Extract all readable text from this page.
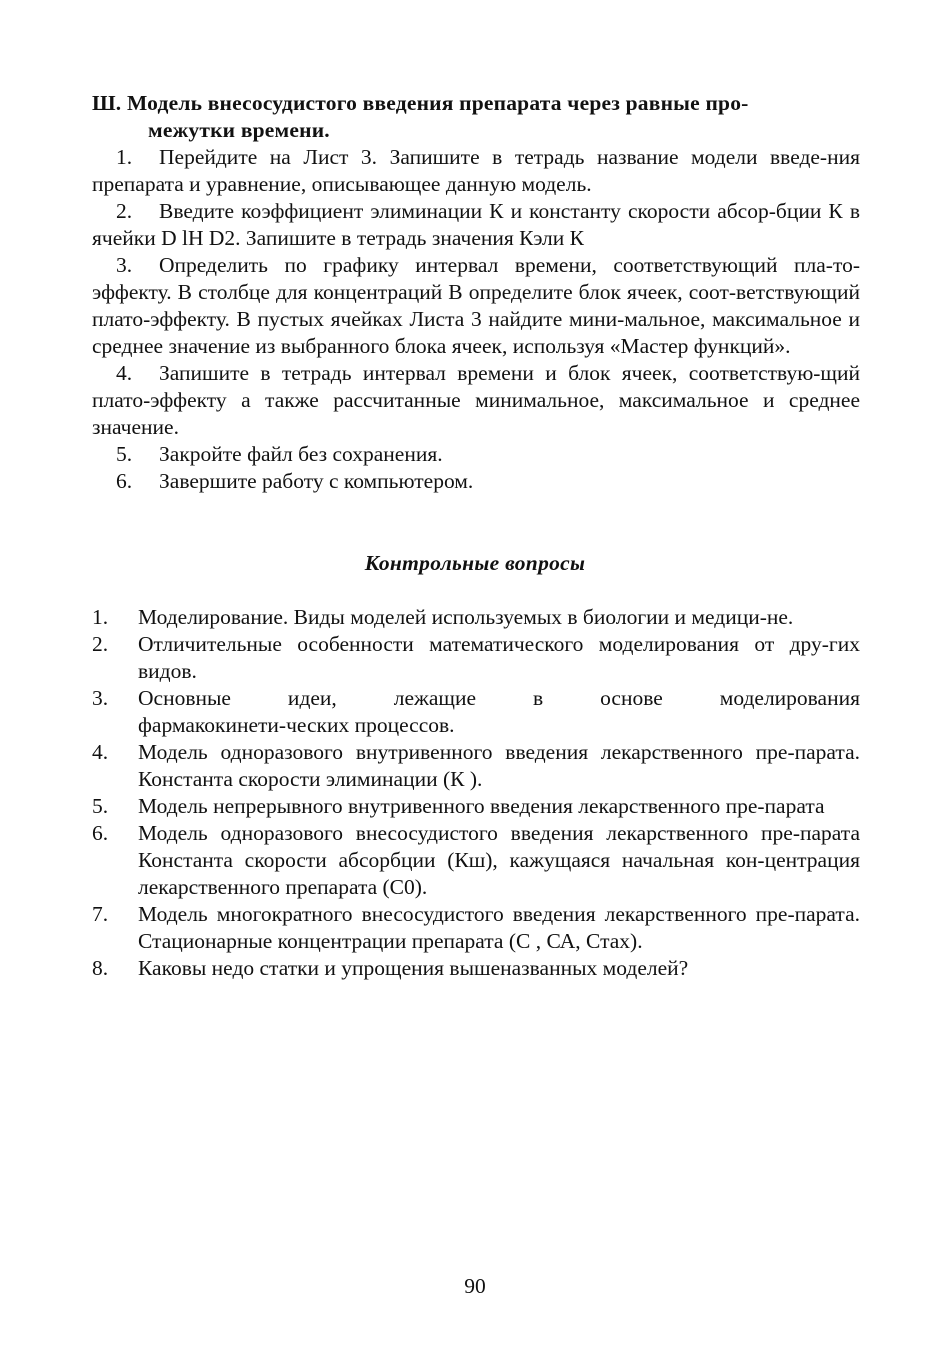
Ш. Модель внесосудистого введения препарата через равные про-
межутки времени.

1. Перейдите на Лист 3. Запишите в тетрадь название модели введе-ния препарата и уравнение, описывающее данную модель.

2. Введите коэффициент элиминации К и константу скорости абсор-бции К в ячейки D lH D2. Запишите в тетрадь значения Кэли К

3. Определить по графику интервал времени, соответствующий пла-то-эффекту. В столбце для концентраций В определите блок ячеек, соот-ветствующий плато-эффекту. В пустых ячейках Листа 3 найдите мини-мальное, максимальное и среднее значение из выбранного блока ячеек, используя «Мастер функций».

4. Запишите в тетрадь интервал времени и блок ячеек, соответствую-щий плато-эффекту а также рассчитанные минимальное, максимальное и среднее значение.

5. Закройте файл без сохранения.

6. Завершите работу с компьютером.

Контрольные вопросы

1. Моделирование. Виды моделей используемых в биологии и медици-не.

2. Отличительные особенности математического моделирования от дру-гих видов.

3. Основные идеи, лежащие в основе моделирования
фармакокинети-ческих процессов.

4. Модель одноразового внутривенного введения лекарственного пре-парата. Константа скорости элиминации (К ).

5. Модель непрерывного внутривенного введения лекарственного пре-парата

6. Модель одноразового внесосудистого введения лекарственного пре-парата Константа скорости абсорбции (Кш), кажущаяся начальная кон-центрация лекарственного препарата (С0).

7. Модель многократного внесосудистого введения лекарственного пре-парата. Стационарные концентрации препарата (С , СА, Стах).

8. Каковы недо статки и упрощения вышеназванных моделей?

90
